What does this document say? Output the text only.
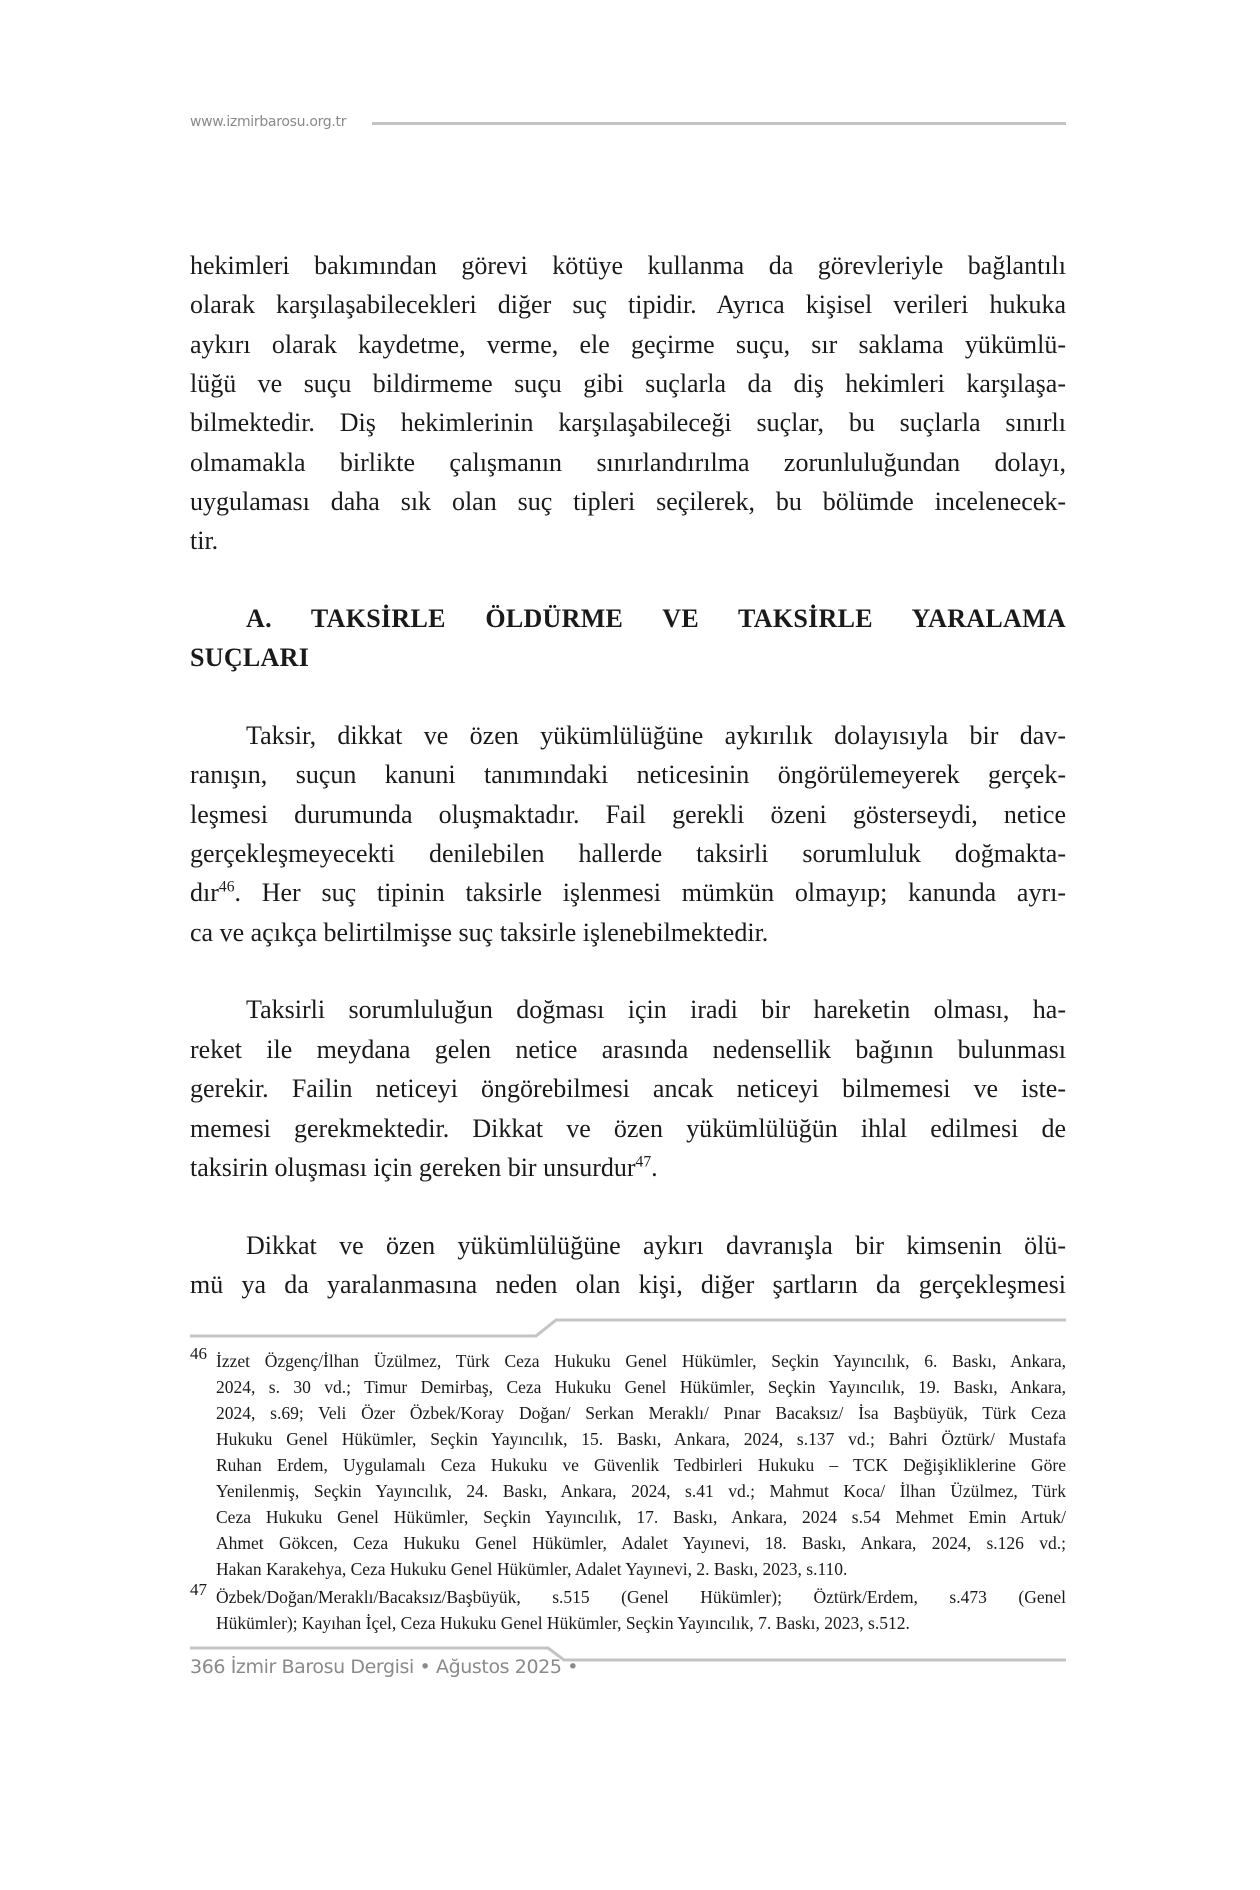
www.izmirbarosu.org.tr
hekimleri bakımından görevi kötüye kullanma da görevleriyle bağlantılı
olarak karşılaşabilecekleri diğer suç tipidir. Ayrıca kişisel verileri hukuka
aykırı olarak kaydetme, verme, ele geçirme suçu, sır saklama yükümlü-
lüğü ve suçu bildirmeme suçu gibi suçlarla da diş hekimleri karşılaşa-
bilmektedir. Diş hekimlerinin karşılaşabileceği suçlar, bu suçlarla sınırlı
olmamakla birlikte çalışmanın sınırlandırılma zorunluluğundan dolayı,
uygulaması daha sık olan suç tipleri seçilerek, bu bölümde incelenecek-
tir.
A. TAKSİRLE ÖLDÜRME VE TAKSİRLE YARALAMA
SUÇLARI
Taksir, dikkat ve özen yükümlülüğüne aykırılık dolayısıyla bir dav-
ranışın, suçun kanuni tanımındaki neticesinin öngörülemeyerek gerçek-
leşmesi durumunda oluşmaktadır. Fail gerekli özeni gösterseydi, netice
gerçekleşmeyecekti denilebilen hallerde taksirli sorumluluk doğmakta-
dır$^{46}$. Her suç tipinin taksirle işlenmesi mümkün olmayıp; kanunda ayrı-
ca ve açıkça belirtilmişse suç taksirle işlenebilmektedir.
Taksirli sorumluluğun doğması için iradi bir hareketin olması, ha-
reket ile meydana gelen netice arasında nedensellik bağının bulunması
gerekir. Failin neticeyi öngörebilmesi ancak neticeyi bilmemesi ve iste-
memesi gerekmektedir. Dikkat ve özen yükümlülüğün ihlal edilmesi de
taksirin oluşması için gereken bir unsurdur$^{47}$.
Dikkat ve özen yükümlülüğüne aykırı davranışla bir kimsenin ölü-
mü ya da yaralanmasına neden olan kişi, diğer şartların da gerçekleşmesi
46 İzzet Özgenç/İlhan Üzülmez, Türk Ceza Hukuku Genel Hükümler, Seçkin Yayıncılık, 6. Baskı, Ankara,
2024, s. 30 vd.; Timur Demirbaş, Ceza Hukuku Genel Hükümler, Seçkin Yayıncılık, 19. Baskı, Ankara,
2024, s.69; Veli Özer Özbek/Koray Doğan/ Serkan Meraklı/ Pınar Bacaksız/ İsa Başbüyük, Türk Ceza
Hukuku Genel Hükümler, Seçkin Yayıncılık, 15. Baskı, Ankara, 2024, s.137 vd.; Bahri Öztürk/ Mustafa
Ruhan Erdem, Uygulamalı Ceza Hukuku ve Güvenlik Tedbirleri Hukuku – TCK Değişikliklerine Göre
Yenilenmiş, Seçkin Yayıncılık, 24. Baskı, Ankara, 2024, s.41 vd.; Mahmut Koca/ İlhan Üzülmez, Türk
Ceza Hukuku Genel Hükümler, Seçkin Yayıncılık, 17. Baskı, Ankara, 2024 s.54 Mehmet Emin Artuk/
Ahmet Gökcen, Ceza Hukuku Genel Hükümler, Adalet Yayınevi, 18. Baskı, Ankara, 2024, s.126 vd.;
Hakan Karakehya, Ceza Hukuku Genel Hükümler, Adalet Yayınevi, 2. Baskı, 2023, s.110.
47 Özbek/Doğan/Meraklı/Bacaksız/Başbüyük, s.515 (Genel Hükümler); Öztürk/Erdem, s.473 (Genel
Hükümler); Kayıhan İçel, Ceza Hukuku Genel Hükümler, Seçkin Yayıncılık, 7. Baskı, 2023, s.512.
366 İzmir Barosu Dergisi • Ağustos 2025 •
